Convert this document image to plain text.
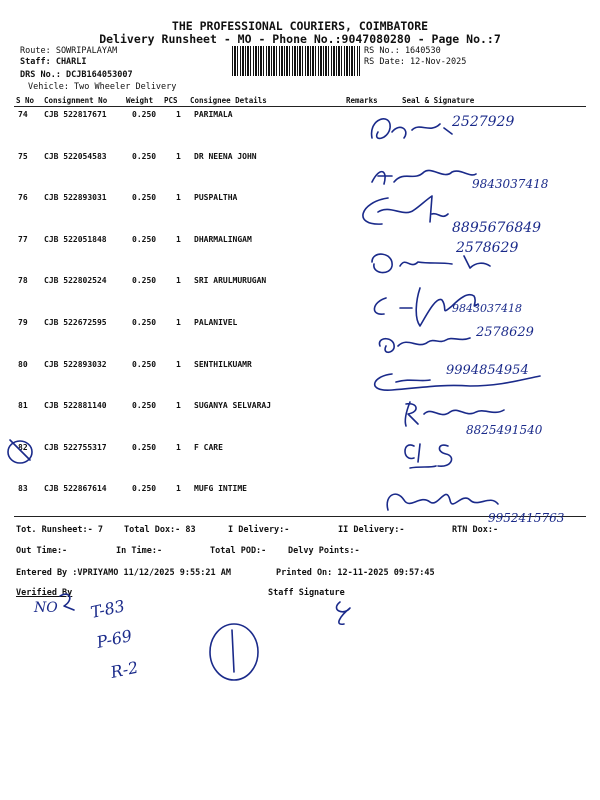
THE PROFESSIONAL COURIERS, COIMBATORE
Delivery Runsheet - MO - Phone No.:9047080280 - Page No.:7
Route: SOWRIPALAYAM
Staff: CHARLI
DRS No.: DCJB164053007
Vehicle: Two Wheeler Delivery
RS No.: 1640530
RS Date: 12-Nov-2025
S No Consignment No	Weight PCS Consignee Details	Remarks	Seal & Signature
74 CJB 522817671	0.250 1 PARIMALA
75 CJB 522054583	0.250 1 DR NEENA JOHN
76 CJB 522893031	0.250 1 PUSPALTHA
77 CJB 522051848	0.250 1 DHARMALINGAM
78 CJB 522802524	0.250 1 SRI ARULMURUGAN
79 CJB 522672595	0.250 1 PALANIVEL
80 CJB 522893032	0.250 1 SENTHILKUAMR
81 CJB 522881140	0.250 1 SUGANYA SELVARAJ
82 CJB 522755317	0.250 1 F CARE
83 CJB 522867614	0.250 1 MUFG INTIME
Tot. Runsheet:- 7 Total Dox:- 83	I Delivery:-	II Delivery:-	RTN Dox:-
Out Time:-	In Time:-	Total POD:-	Delvy Points:-
Entered By :VPRIYAMO 11/12/2025 9:55:21 AM	Printed On: 12-11-2025 09:57:45
Verified By	Staff Signature
2527929
9843037418
8895676849
2578629
9843037418
2578629
9994854954
8825491540
9952415763
NO T-83
P-69
R-2
